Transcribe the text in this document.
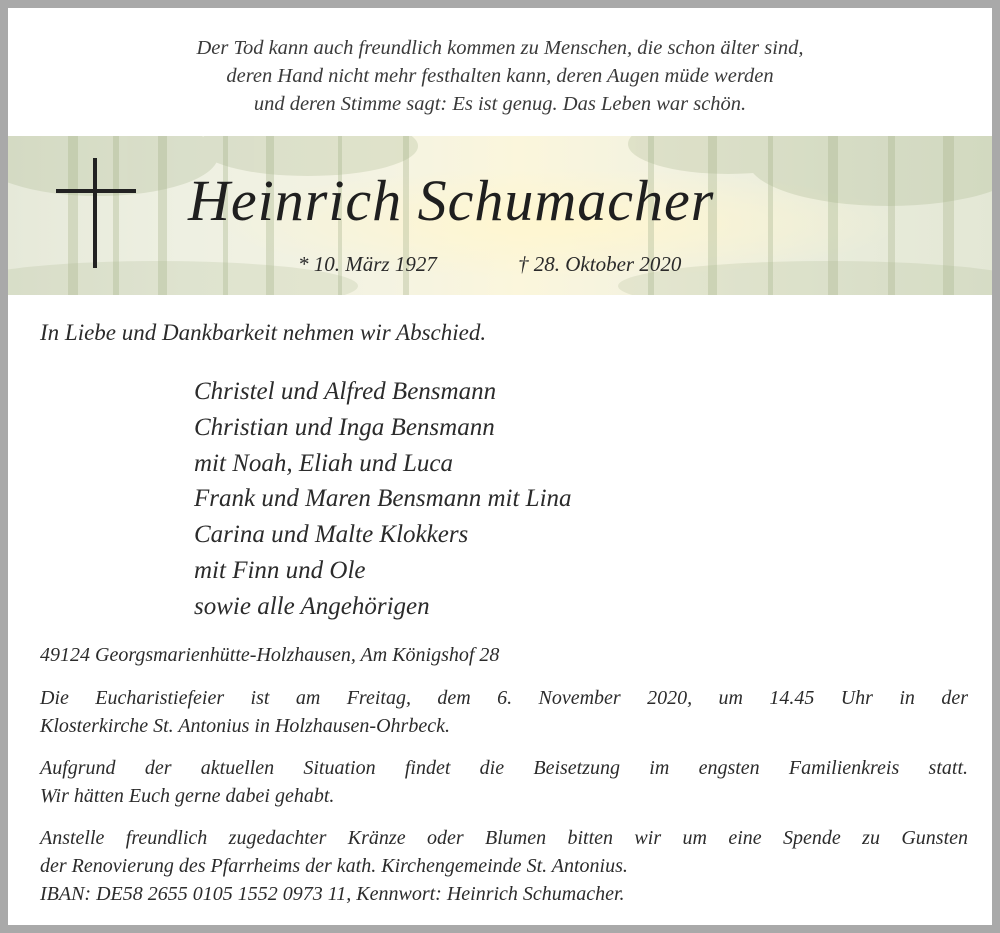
Der Tod kann auch freundlich kommen zu Menschen, die schon älter sind,
deren Hand nicht mehr festhalten kann, deren Augen müde werden
und deren Stimme sagt: Es ist genug. Das Leben war schön.
Heinrich Schumacher
* 10. März 1927	† 28. Oktober 2020
In Liebe und Dankbarkeit nehmen wir Abschied.
Christel und Alfred Bensmann
Christian und Inga Bensmann
mit Noah, Eliah und Luca
Frank und Maren Bensmann mit Lina
Carina und Malte Klokkers
mit Finn und Ole
sowie alle Angehörigen
49124 Georgsmarienhütte-Holzhausen, Am Königshof 28
Die Eucharistiefeier ist am Freitag, dem 6. November 2020, um 14.45 Uhr in der
Klosterkirche St. Antonius in Holzhausen-Ohrbeck.
Aufgrund der aktuellen Situation findet die Beisetzung im engsten Familienkreis statt.
Wir hätten Euch gerne dabei gehabt.
Anstelle freundlich zugedachter Kränze oder Blumen bitten wir um eine Spende zu Gunsten
der Renovierung des Pfarrheims der kath. Kirchengemeinde St. Antonius.
IBAN: DE58 2655 0105 1552 0973 11, Kennwort: Heinrich Schumacher.
